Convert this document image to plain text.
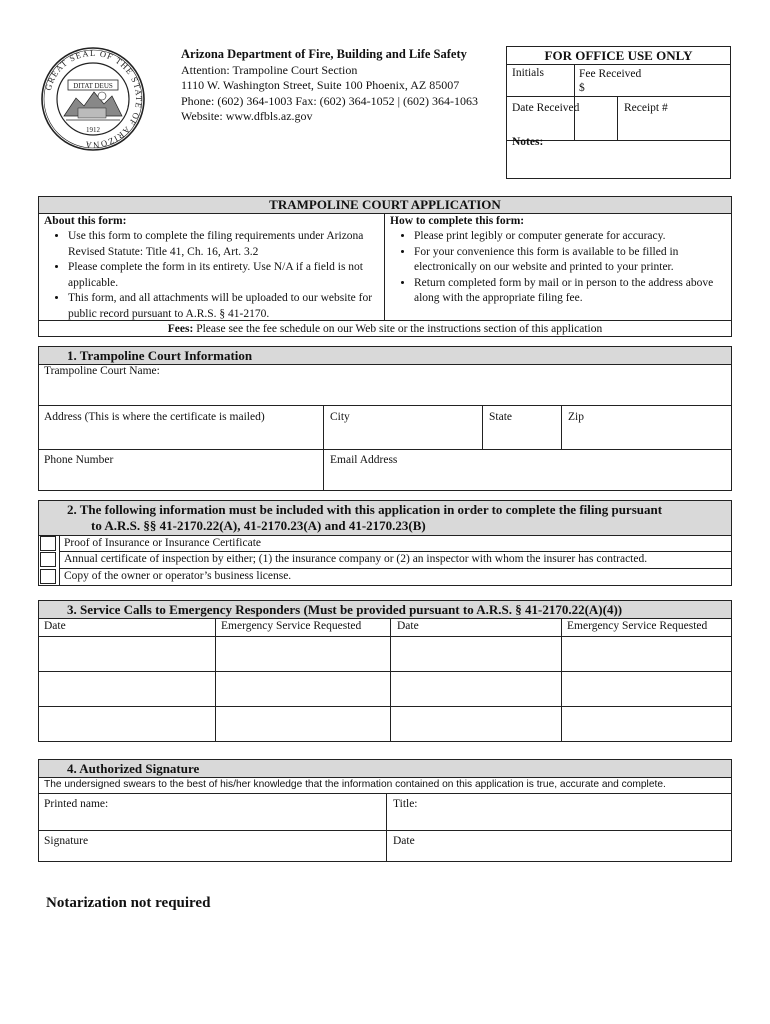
GREAT SEAL OF THE STATE OF ARIZONA
DITAT DEUS
1912
Arizona Department of Fire, Building and Life Safety
Attention: Trampoline Court Section
1110 W. Washington Street, Suite 100 Phoenix, AZ 85007
Phone: (602) 364-1003 Fax: (602) 364-1052 | (602) 364-1063
Website: www.dfbls.az.gov
FOR OFFICE USE ONLY
Initials	Fee Received
$
Date Received	Receipt #
Notes:
TRAMPOLINE COURT APPLICATION
About this form:
• Use this form to complete the filing requirements under Arizona Revised Statute: Title 41, Ch. 16, Art. 3.2
• Please complete the form in its entirety. Use N/A if a field is not applicable.
• This form, and all attachments will be uploaded to our website for public record pursuant to A.R.S. § 41-2170.
How to complete this form:
• Please print legibly or computer generate for accuracy.
• For your convenience this form is available to be filled in electronically on our website and printed to your printer.
• Return completed form by mail or in person to the address above along with the appropriate filing fee.
Fees: Please see the fee schedule on our Web site or the instructions section of this application
1. Trampoline Court Information
Trampoline Court Name:
Address (This is where the certificate is mailed)	City	State	Zip
Phone Number	Email Address
2. The following information must be included with this application in order to complete the filing pursuant
to A.R.S. §§ 41-2170.22(A), 41-2170.23(A) and 41-2170.23(B)
Proof of Insurance or Insurance Certificate
Annual certificate of inspection by either; (1) the insurance company or (2) an inspector with whom the insurer has contracted.
Copy of the owner or operator’s business license.
3. Service Calls to Emergency Responders (Must be provided pursuant to A.R.S. § 41-2170.22(A)(4))
Date	Emergency Service Requested	Date	Emergency Service Requested
4. Authorized Signature
The undersigned swears to the best of his/her knowledge that the information contained on this application is true, accurate and complete.
Printed name:	Title:
Signature	Date
Notarization not required
